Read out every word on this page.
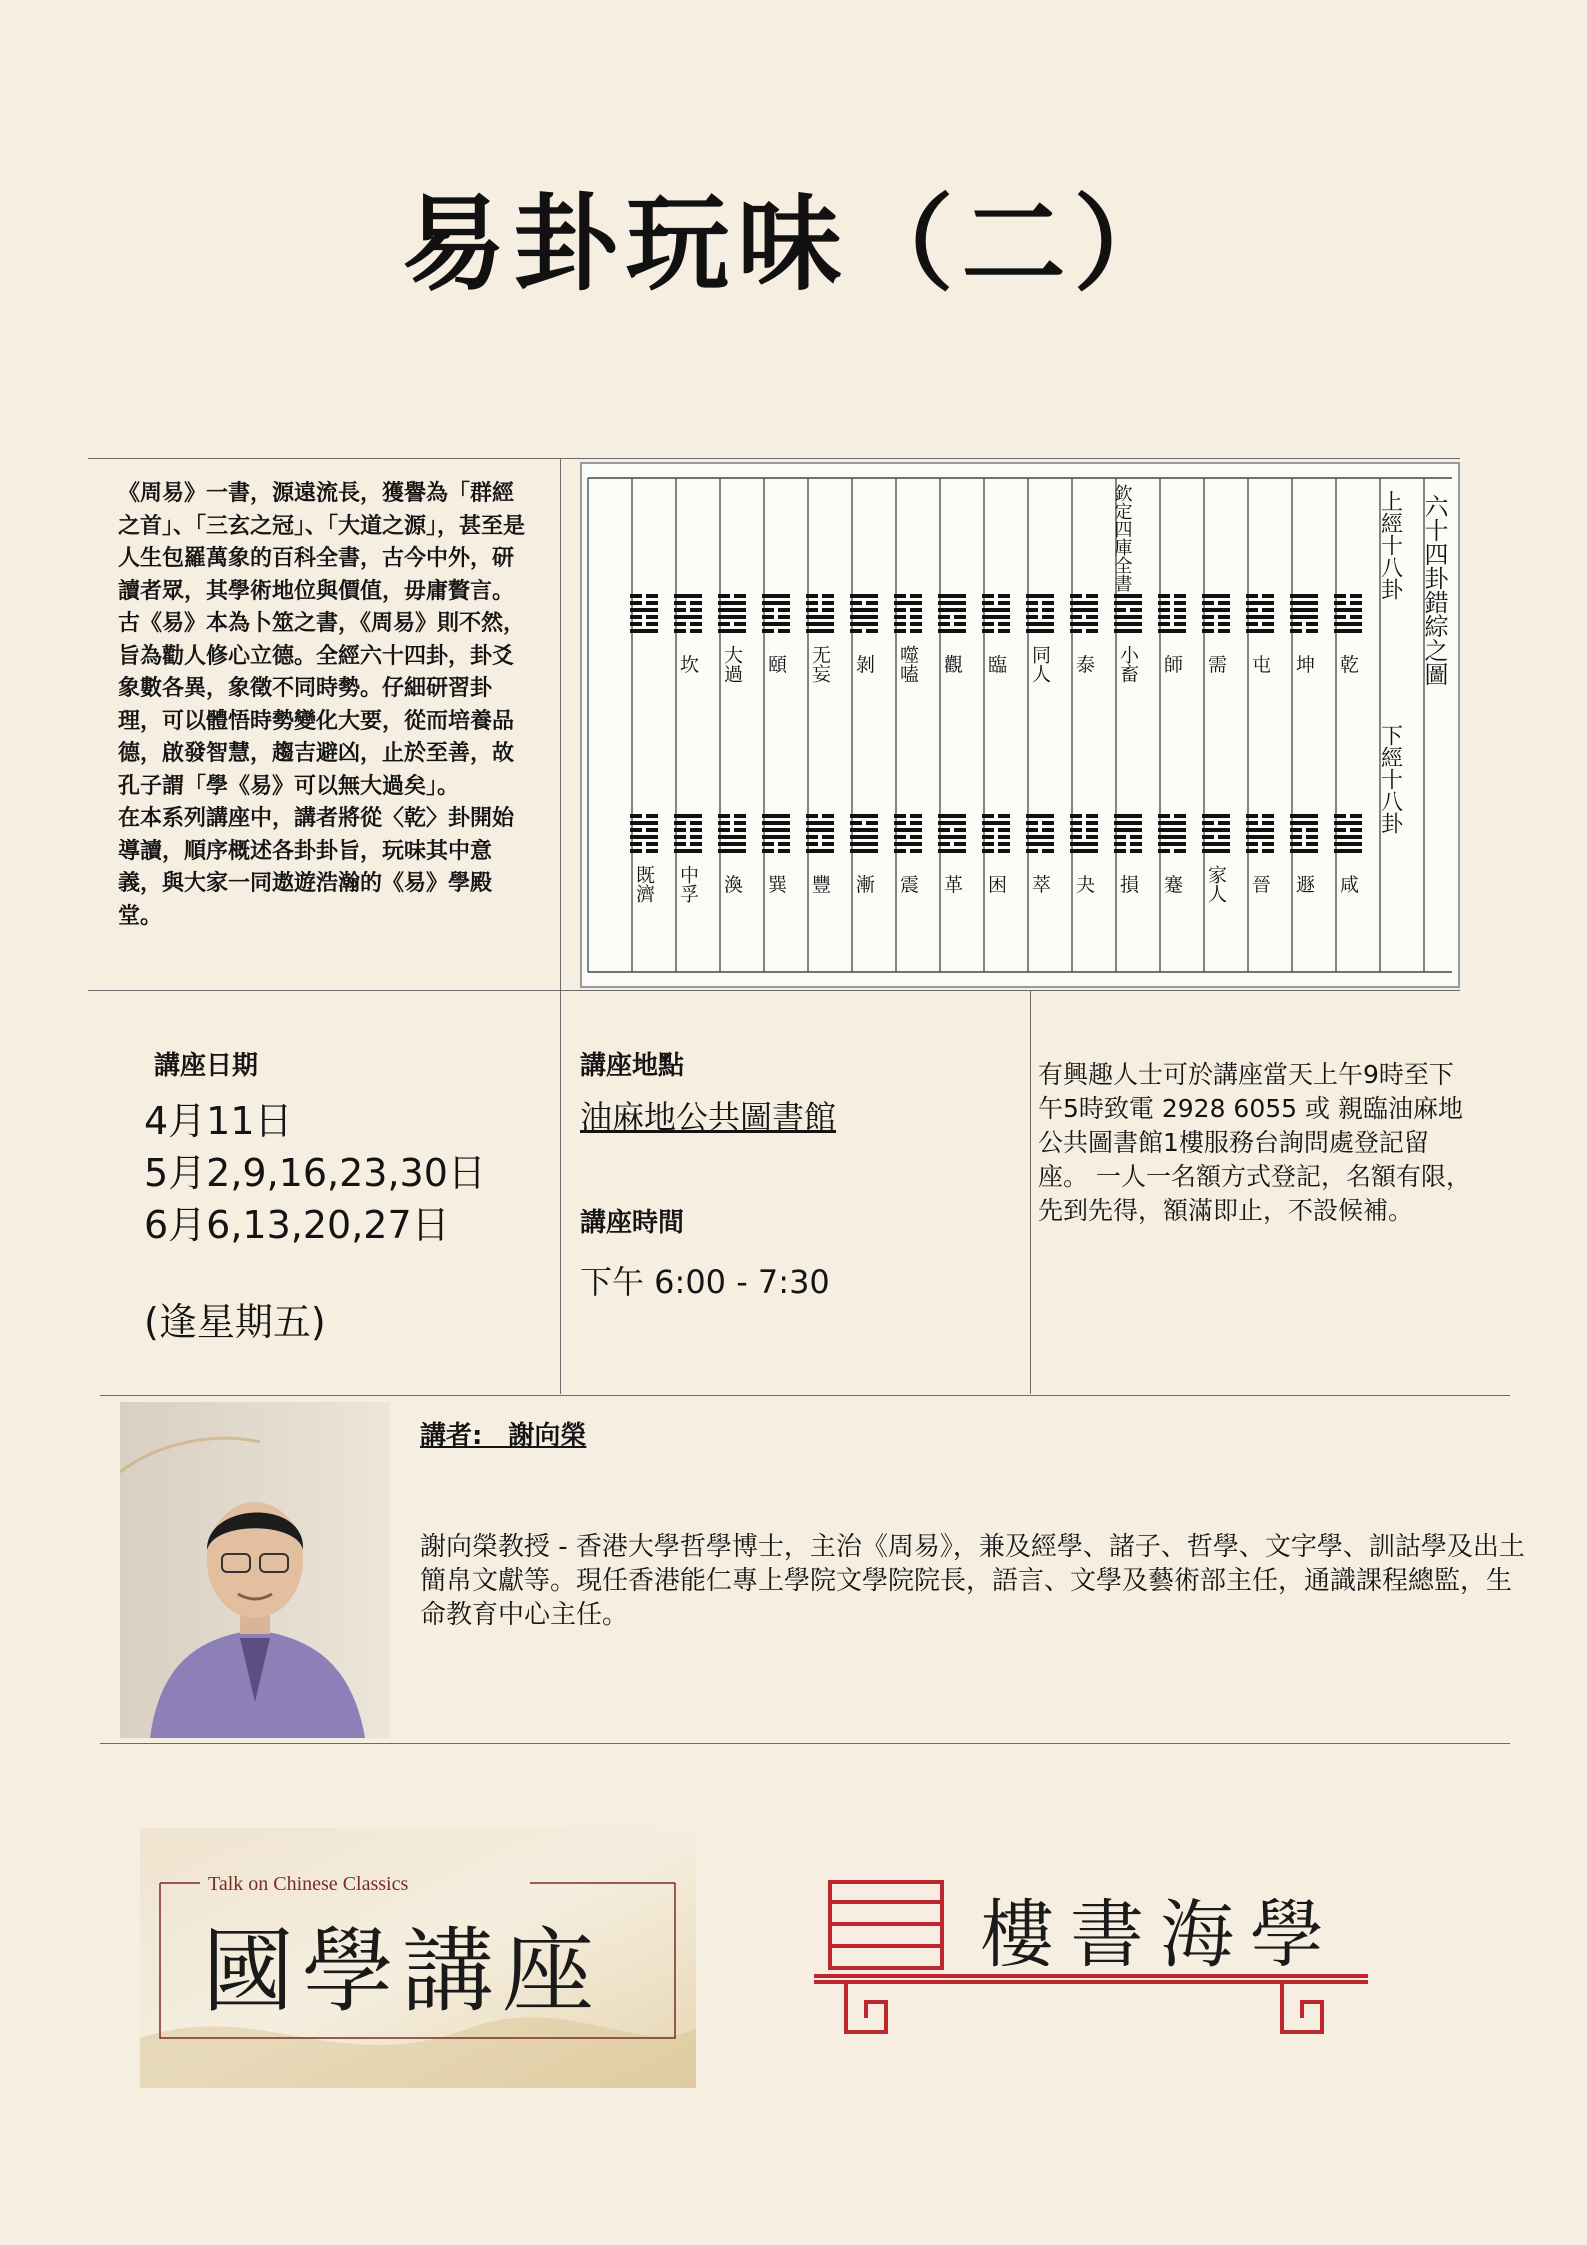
易卦玩味（二）

《周易》一書，源遠流長，獲譽為「群經之首」、「三玄之冠」、「大道之源」，甚至是人生包羅萬象的百科全書，古今中外，研讀者眾，其學術地位與價值，毋庸贅言。

古《易》本為卜筮之書，《周易》則不然，旨為勸人修心立德。全經六十四卦，卦爻象數各異，象徵不同時勢。仔細研習卦理，可以體悟時勢變化大要，從而培養品德，啟發智慧，趨吉避凶，止於至善，故孔子謂「學《易》可以無大過矣」。

在本系列講座中，講者將從〈乾〉卦開始導讀，順序概述各卦卦旨，玩味其中意義，與大家一同遨遊浩瀚的《易》學殿堂。

乾
咸
坤
遯
屯
晉
需
家人
師
蹇
小畜
損
泰
夬
同人
萃
臨
困
觀
革
噬嗑
震
剝
漸
无妄
豐
頤
巽
大過
渙
坎
中孚
既濟
六十四卦錯綜之圖
上經十八卦
下經十八卦
欽定四庫全書
講座日期
4月11日
5月2,9,16,23,30日
6月6,13,20,27日
(逢星期五)
講座地點
油麻地公共圖書館
講座時間
下午 6:00 - 7:30
有興趣人士可於講座當天上午9時至下午5時致電 2928 6055 或 親臨油麻地公共圖書館1樓服務台詢問處登記留座。 一人一名額方式登記，名額有限，先到先得，額滿即止，不設候補。
講者:　謝向榮
謝向榮教授 - 香港大學哲學博士，主治《周易》，兼及經學、諸子、哲學、文字學、訓詁學及出土簡帛文獻等。現任香港能仁專上學院文學院院長，語言、文學及藝術部主任，通識課程總監，生命教育中心主任。
Talk on Chinese Classics
國學講座	樓書海學
